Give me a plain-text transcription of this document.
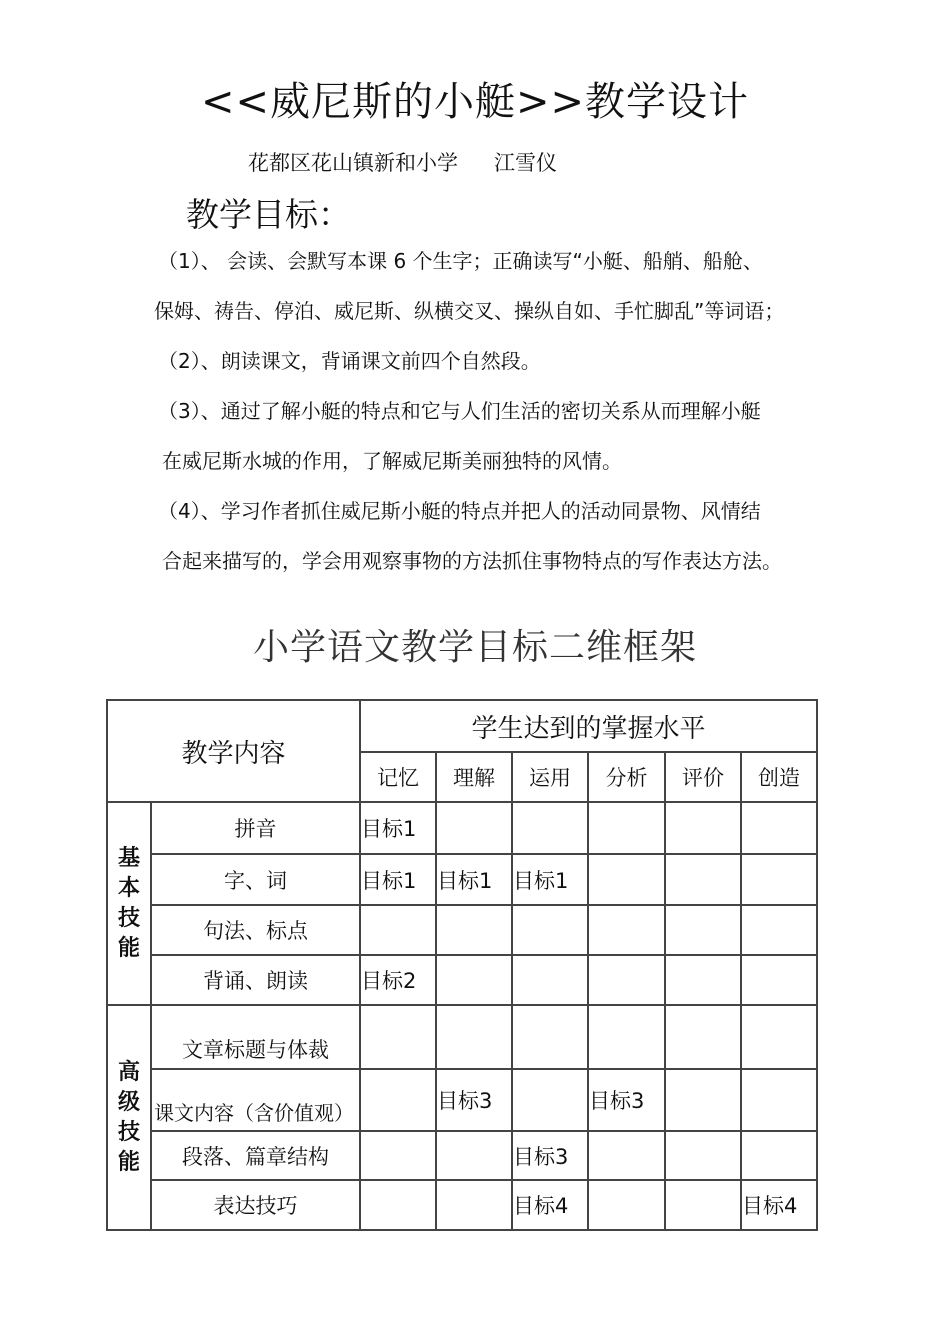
<<威尼斯的小艇>>教学设计
花都区花山镇新和小学 江雪仪
教学目标：
（1）、 会读、会默写本课 6 个生字；正确读写“小艇、船艄、船舱、
保姆、祷告、停泊、威尼斯、纵横交叉、操纵自如、手忙脚乱”等词语；
（2）、朗读课文，背诵课文前四个自然段。
（3）、通过了解小艇的特点和它与人们生活的密切关系从而理解小艇
在威尼斯水城的作用，了解威尼斯美丽独特的风情。
（4）、学习作者抓住威尼斯小艇的特点并把人的活动同景物、风情结
合起来描写的，学会用观察事物的方法抓住事物特点的写作表达方法。
小学语文教学目标二维框架
教学内容		学生达到的掌握水平					
		记忆	理解	运用	分析	评价	创造

基
本
技
能	拼音	目标1					
	字、词	目标1	目标1	目标1			
	句法、标点						
	背诵、朗读	目标2					

高
级
技
能	文章标题与体裁						
	课文内容（含价值观）		目标3		目标3		
	段落、篇章结构			目标3			
	表达技巧			目标4			目标4
